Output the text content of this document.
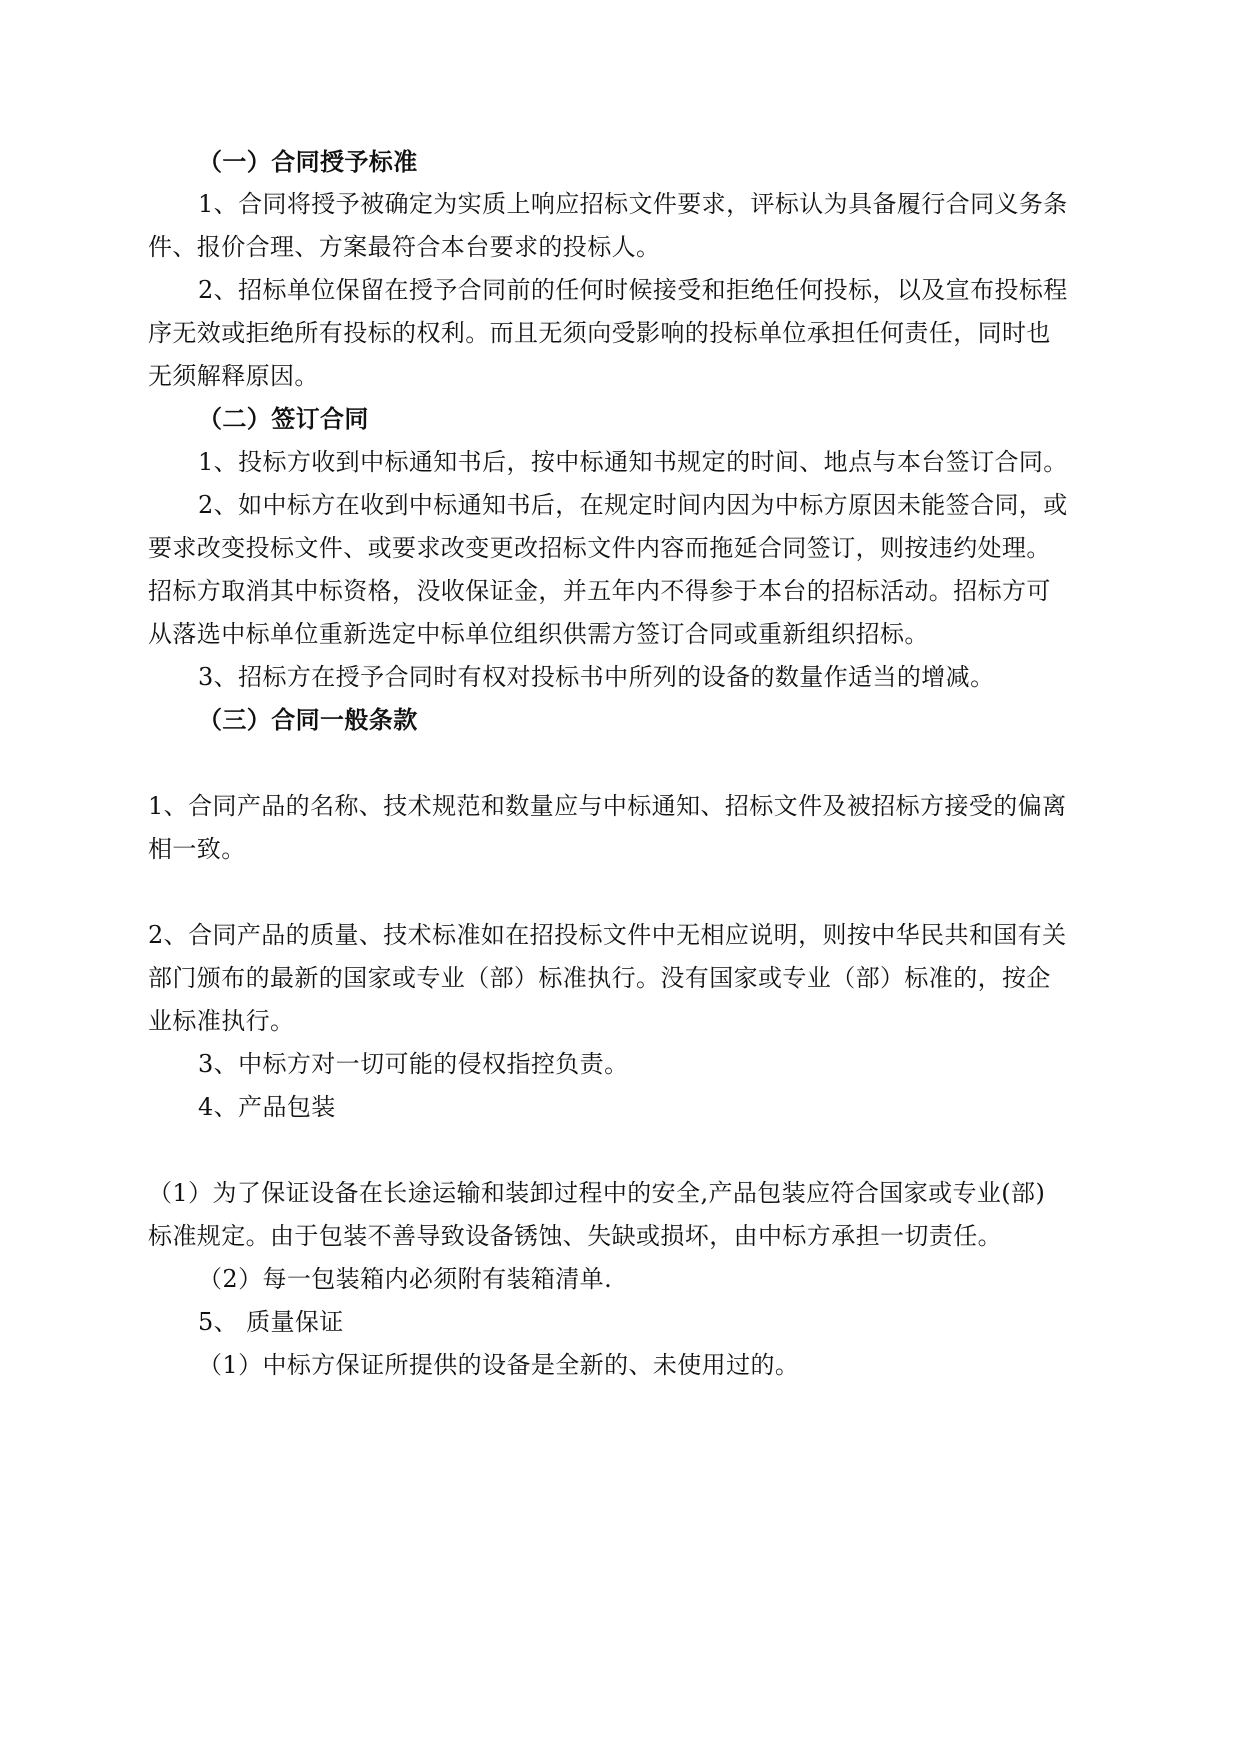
（一）合同授予标准
1、合同将授予被确定为实质上响应招标文件要求，评标认为具备履行合同义务条
件、报价合理、方案最符合本台要求的投标人。
2、招标单位保留在授予合同前的任何时候接受和拒绝任何投标，以及宣布投标程
序无效或拒绝所有投标的权利。而且无须向受影响的投标单位承担任何责任，同时也
无须解释原因。
（二）签订合同
1、投标方收到中标通知书后，按中标通知书规定的时间、地点与本台签订合同。
2、如中标方在收到中标通知书后，在规定时间内因为中标方原因未能签合同，或
要求改变投标文件、或要求改变更改招标文件内容而拖延合同签订，则按违约处理。
招标方取消其中标资格，没收保证金，并五年内不得参于本台的招标活动。招标方可
从落选中标单位重新选定中标单位组织供需方签订合同或重新组织招标。
3、招标方在授予合同时有权对投标书中所列的设备的数量作适当的增减。
（三）合同一般条款
1、合同产品的名称、技术规范和数量应与中标通知、招标文件及被招标方接受的偏离
相一致。
2、合同产品的质量、技术标准如在招投标文件中无相应说明，则按中华民共和国有关
部门颁布的最新的国家或专业（部）标准执行。没有国家或专业（部）标准的，按企
业标准执行。
3、中标方对一切可能的侵权指控负责。
4、产品包装
（1）为了保证设备在长途运输和装卸过程中的安全,产品包装应符合国家或专业(部)
标准规定。由于包装不善导致设备锈蚀、失缺或损坏，由中标方承担一切责任。
（2）每一包装箱内必须附有装箱清单.
5、 质量保证
（1）中标方保证所提供的设备是全新的、未使用过的。
